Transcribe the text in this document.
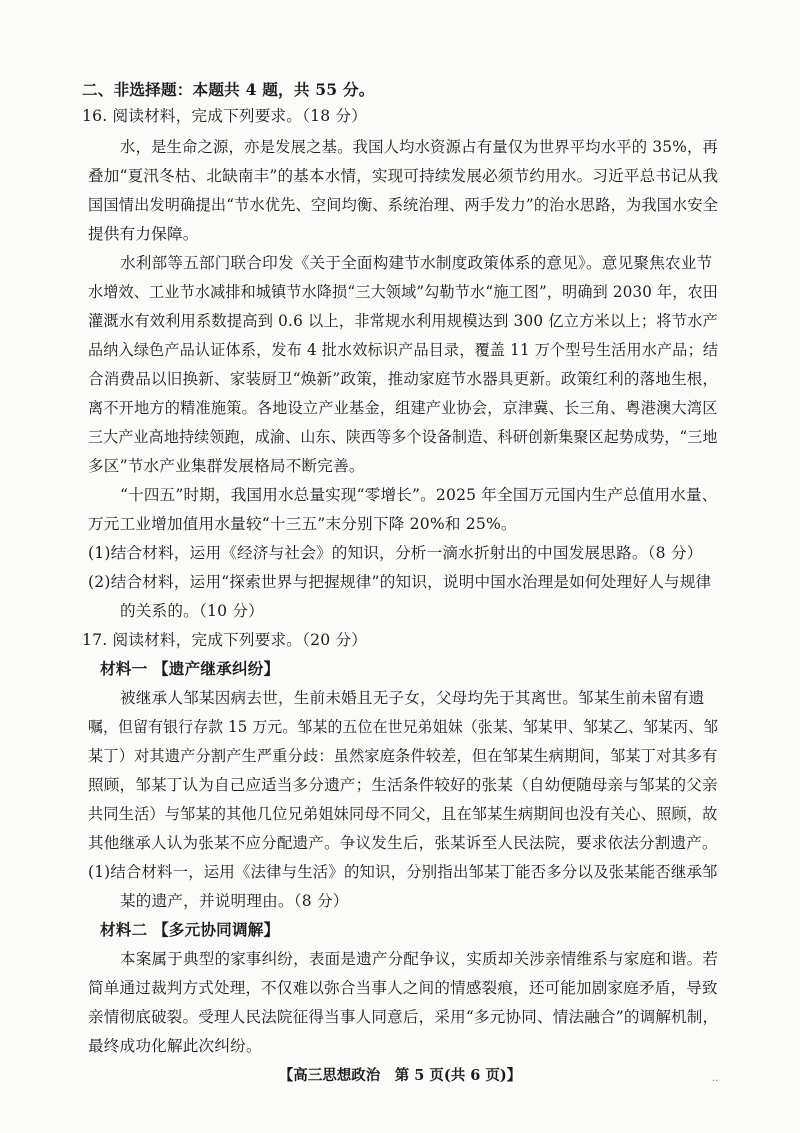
二、非选择题：本题共 4 题，共 55 分。
16. 阅读材料，完成下列要求。（18 分）
水，是生命之源，亦是发展之基。我国人均水资源占有量仅为世界平均水平的 35%，再
叠加“夏汛冬枯、北缺南丰”的基本水情，实现可持续发展必须节约用水。习近平总书记从我
国国情出发明确提出“节水优先、空间均衡、系统治理、两手发力”的治水思路，为我国水安全
提供有力保障。
水利部等五部门联合印发《关于全面构建节水制度政策体系的意见》。意见聚焦农业节
水增效、工业节水减排和城镇节水降损“三大领域”勾勒节水“施工图”，明确到 2030 年，农田
灌溉水有效利用系数提高到 0.6 以上，非常规水利用规模达到 300 亿立方米以上；将节水产
品纳入绿色产品认证体系，发布 4 批水效标识产品目录，覆盖 11 万个型号生活用水产品；结
合消费品以旧换新、家装厨卫“焕新”政策，推动家庭节水器具更新。政策红利的落地生根，
离不开地方的精准施策。各地设立产业基金，组建产业协会，京津冀、长三角、粤港澳大湾区
三大产业高地持续领跑，成渝、山东、陕西等多个设备制造、科研创新集聚区起势成势，“三地
多区”节水产业集群发展格局不断完善。
“十四五”时期，我国用水总量实现“零增长”。2025 年全国万元国内生产总值用水量、
万元工业增加值用水量较“十三五”末分别下降 20%和 25%。
(1)结合材料，运用《经济与社会》的知识，分析一滴水折射出的中国发展思路。（8 分）
(2)结合材料，运用“探索世界与把握规律”的知识，说明中国水治理是如何处理好人与规律
的关系的。（10 分）
17. 阅读材料，完成下列要求。（20 分）
材料一 【遗产继承纠纷】
被继承人邹某因病去世，生前未婚且无子女，父母均先于其离世。邹某生前未留有遗
嘱，但留有银行存款 15 万元。邹某的五位在世兄弟姐妹（张某、邹某甲、邹某乙、邹某丙、邹
某丁）对其遗产分割产生严重分歧：虽然家庭条件较差，但在邹某生病期间，邹某丁对其多有
照顾，邹某丁认为自己应适当多分遗产；生活条件较好的张某（自幼便随母亲与邹某的父亲
共同生活）与邹某的其他几位兄弟姐妹同母不同父，且在邹某生病期间也没有关心、照顾，故
其他继承人认为张某不应分配遗产。争议发生后，张某诉至人民法院，要求依法分割遗产。
(1)结合材料一，运用《法律与生活》的知识，分别指出邹某丁能否多分以及张某能否继承邹
某的遗产，并说明理由。（8 分）
材料二 【多元协同调解】
本案属于典型的家事纠纷，表面是遗产分配争议，实质却关涉亲情维系与家庭和谐。若
简单通过裁判方式处理，不仅难以弥合当事人之间的情感裂痕，还可能加剧家庭矛盾，导致
亲情彻底破裂。受理人民法院征得当事人同意后，采用“多元协同、情法融合”的调解机制，
最终成功化解此次纠纷。
【高三思想政治　第 5 页(共 6 页)】	··
